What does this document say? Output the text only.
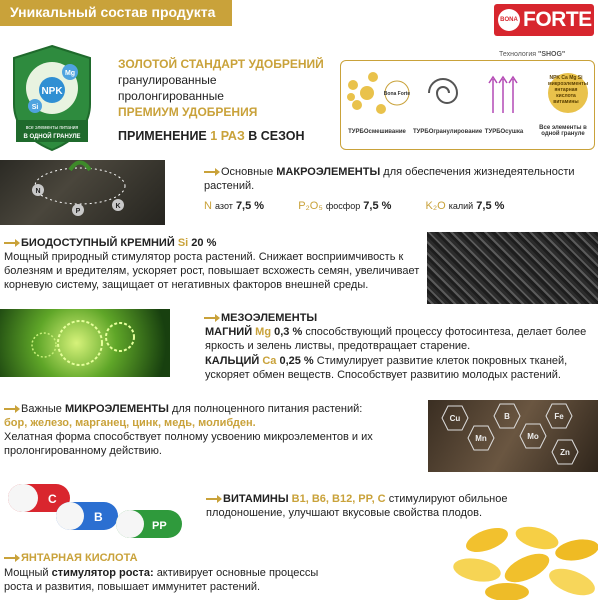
Уникальный состав продукта	BONA FORTE
NPK
Mg
Si
все элементы питания
В ОДНОЙ ГРАНУЛЕ
ЗОЛОТОЙ СТАНДАРТ УДОБРЕНИЙ
гранулированные
пролонгированные
ПРЕМИУМ УДОБРЕНИЯ
ПРИМЕНЕНИЕ 1 РАЗ В СЕЗОН
Bona Forte
ТУРБОсмешивание ТУРБОгранулирование ТУРБОсушка
Все элементы в одной грануле
NPK Ca Mg Si микроэлементы янтарная кислота витамины
Технология "SHOG"
N
P
K
Основные МАКРОЭЛЕМЕНТЫ для обеспечения жизнедеятельности растений.
N азот 7,5 %	P₂O₅ фосфор 7,5 %	K₂O калий 7,5 %
БИОДОСТУПНЫЙ КРЕМНИЙ Si 20 %
Мощный природный стимулятор роста растений. Снижает восприимчивость к болезням и вредителям, ускоряет рост, повышает всхожесть семян, увеличивает корневую систему, защищает от негативных факторов внешней среды.
МЕЗОЭЛЕМЕНТЫ
МАГНИЙ Mg 0,3 % способствующий процессу фотосинтеза, делает более яркость и зелень листвы, предотвращает старение.
КАЛЬЦИЙ Ca 0,25 % Стимулирует развитие клеток покровных тканей, ускоряет обмен веществ. Способствует развитию молодых растений.
Важные МИКРОЭЛЕМЕНТЫ для полноценного питания растений:
бор, железо, марганец, цинк, медь, молибден.
Хелатная форма способствует полному усвоению микроэлементов и их пролонгированному действию.
Cu
Mn
B
Mo
Fe
Zn
C
B
PP
ВИТАМИНЫ B1, B6, B12, PP, C стимулируют обильное
плодоношение, улучшают вкусовые свойства плодов.
ЯНТАРНАЯ КИСЛОТА
Мощный стимулятор роста: активирует основные процессы роста и развития, повышает иммунитет растений.
